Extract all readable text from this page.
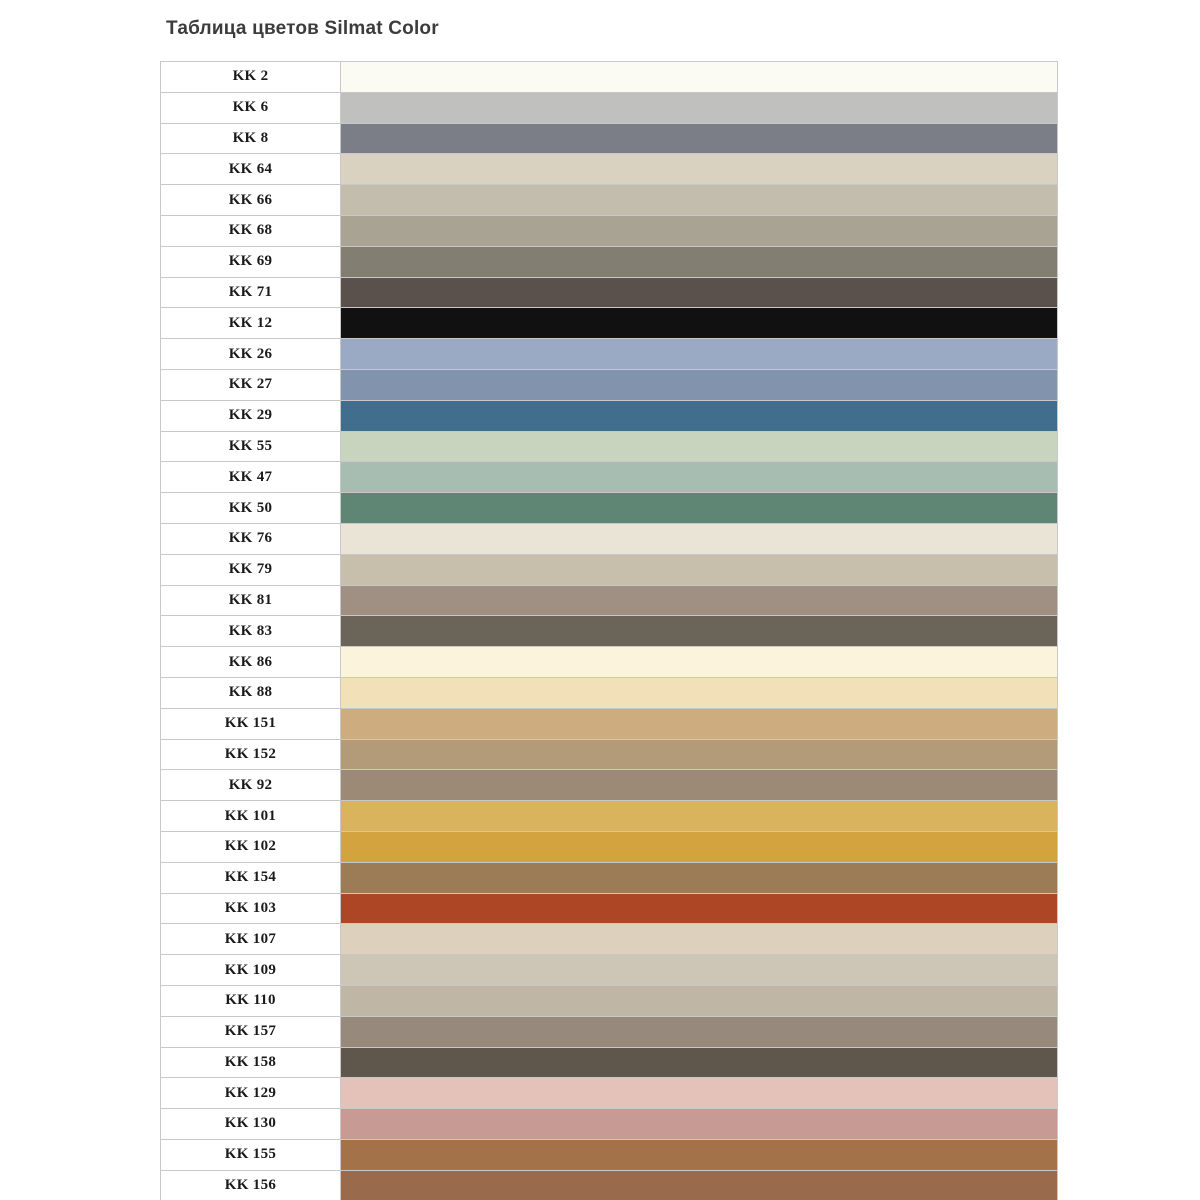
Таблица цветов Silmat Color
KK 2
KK 6
KK 8
KK 64
KK 66
KK 68
KK 69
KK 71
KK 12
KK 26
KK 27
KK 29
KK 55
KK 47
KK 50
KK 76
KK 79
KK 81
KK 83
KK 86
KK 88
KK 151
KK 152
KK 92
KK 101
KK 102
KK 154
KK 103
KK 107
KK 109
KK 110
KK 157
KK 158
KK 129
KK 130
KK 155
KK 156
